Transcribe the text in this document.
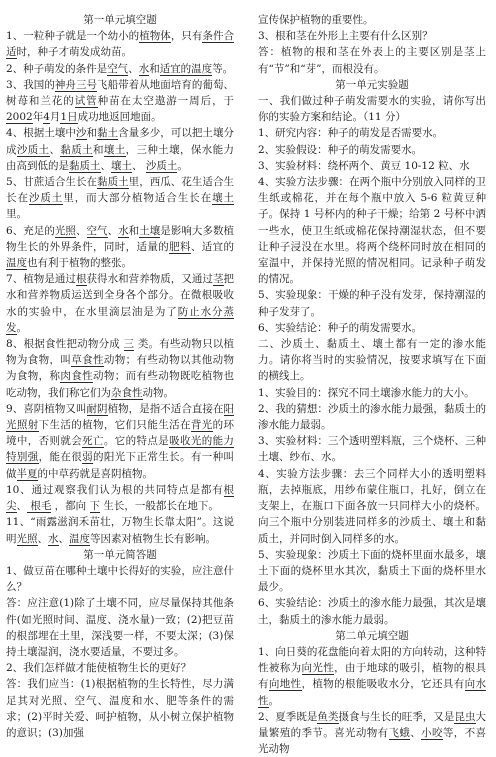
第一单元填空题

1、一粒种子就是一个幼小的植物体，只有条件合适时，种子才萌发成幼苗。

2、种子萌发的条件是空气、水和适宜的温度等。

3、我国的神舟三号飞船带着从地面培育的葡萄、树苺和兰花的试管种苗在太空遨游一周后，于2002年4月1日成功地返回地面。

4、根据土壤中沙和黏土含量多少，可以把土壤分成沙质土、黏质土和壤土，三种土壤，保水能力由高到低的是黏质土、壤土、 沙质土。

5、甘蔗适合生长在黏质土里，西瓜、花生适合生长在沙质土里，而大部分植物适合生长在壤土里。

6、充足的光照、空气、水和土壤是影响大多数植物生长的外界条件，同时，适量的肥料、适宜的温度也有利于植物的整张。

7、植物是通过根获得水和营养物质，又通过茎把水和营养物质运送到全身各个部分。在微根吸收水的实验中，在水里滴层油是为了防止水分蒸发。

8、根据食性把动物分成 三 类。有些动物只以植物为食物，叫草食性动物；有些动物以其他动物为食物，称肉食性动物；而有些动物既吃植物也吃动物，我们称它们为杂食性动物。

9、喜阴植物又叫耐阴植物，是指不适合直接在阳光照射下生活的植物，它们只能生活在背光的环境中，否则就会死亡。它的特点是吸收光的能力特别强，能在很弱的阳光下正常生长。有一种叫做半夏的中草药就是喜阴植物。

10、通过观察我们认为根的共同特点是都有根尖、 根毛 ，都向 下 生长，一般都长在地下。

11、“雨露滋润禾苗壮，万物生长靠太阳”。这说明光照、水、温度等因素对植物生长有影响。

第一单元简答题

1、做豆苗在哪种土壤中长得好的实验，应注意什么？

答：应注意(1)除了土壤不同，应尽量保持其他条件(如光照时间、温度、浇水量)一致；(2)把豆苗的根部埋在土里，深浅要一样，不要太深；(3)保持土壤湿润，浇水要适量，不要过多。

2、我们怎样做才能使植物生长的更好？

答：我们应当：(1)根据植物的生长特性，尽力满足其对光照、空气、温度和水、肥等条件的需求；(2)平时关爱、呵护植物，从小树立保护植物的意识；(3)加强

宣传保护植物的重要性。

3、根和茎在外形上主要有什么区别？

答：植物的根和茎在外表上的主要区别是茎上有“节”和“芽”，而根没有。

第一单元实验题

一、我们做过种子萌发需要水的实验，请你写出你的实验方案和结论。（11 分）

1、研究内容：种子的萌发是否需要水。

2、实验假设：种子的萌发需要水。

3、实验材料：绕杯两个、黄豆 10-12 粒、水

4、实验方法步骤：在两个瓶中分别放入同样的卫生纸或棉花，并在每个瓶中放入 5-6 粒黄豆种子。保持 1 号杯内的种子干燥；给第 2 号杯中洒一些水，使卫生纸或棉花保持潮湿状态，但不要让种子浸没在水里。将两个绕杯同时放在相同的室温中，并保持光照的情况相同。记录种子萌发的情况。

5、实验现象：干燥的种子没有发芽，保持潮湿的种子发芽了。

6、实验结论：种子的萌发需要水。

二、沙质土、黏质土、壤土都有一定的渗水能力。请你将当时的实验情况，按要求填写在下面的横线上。

1、实验目的：探究不同土壤渗水能力的大小。

2、我的猜想：沙质土的渗水能力最强，黏质土的渗水能力最弱。

3、实验材料：三个透明塑料瓶，三个烧杯、三种土壤、纱布、水。

4、实验方法步骤：去三个同样大小的透明塑料瓶，去掉瓶底，用纱布蒙住瓶口，扎好，倒立在支架上，在瓶口下面各放一只同样大小的烧杯。向三个瓶中分别装进同样多的沙质土、壤土和黏质土，并同时倒入同样多的水。

5、实验现象：沙质土下面的烧杯里面水最多，壤土下面的烧杯里水其次，黏质土下面的烧杯里水最少。

6、实验结论：沙质土的渗水能力最强，其次是壤土，黏质土的渗水能力最弱。

第二单元填空题

1、向日葵的花盘能向着太阳的方向转动，这种特性被称为向光性，由于地球的吸引，植物的根具有向地性，植物的根能吸收水分，它还具有向水性。

2、夏季既是鱼类摄食与生长的旺季，又是昆虫大量繁殖的季节。喜光动物有飞蛾、小咬等，不喜光动物
